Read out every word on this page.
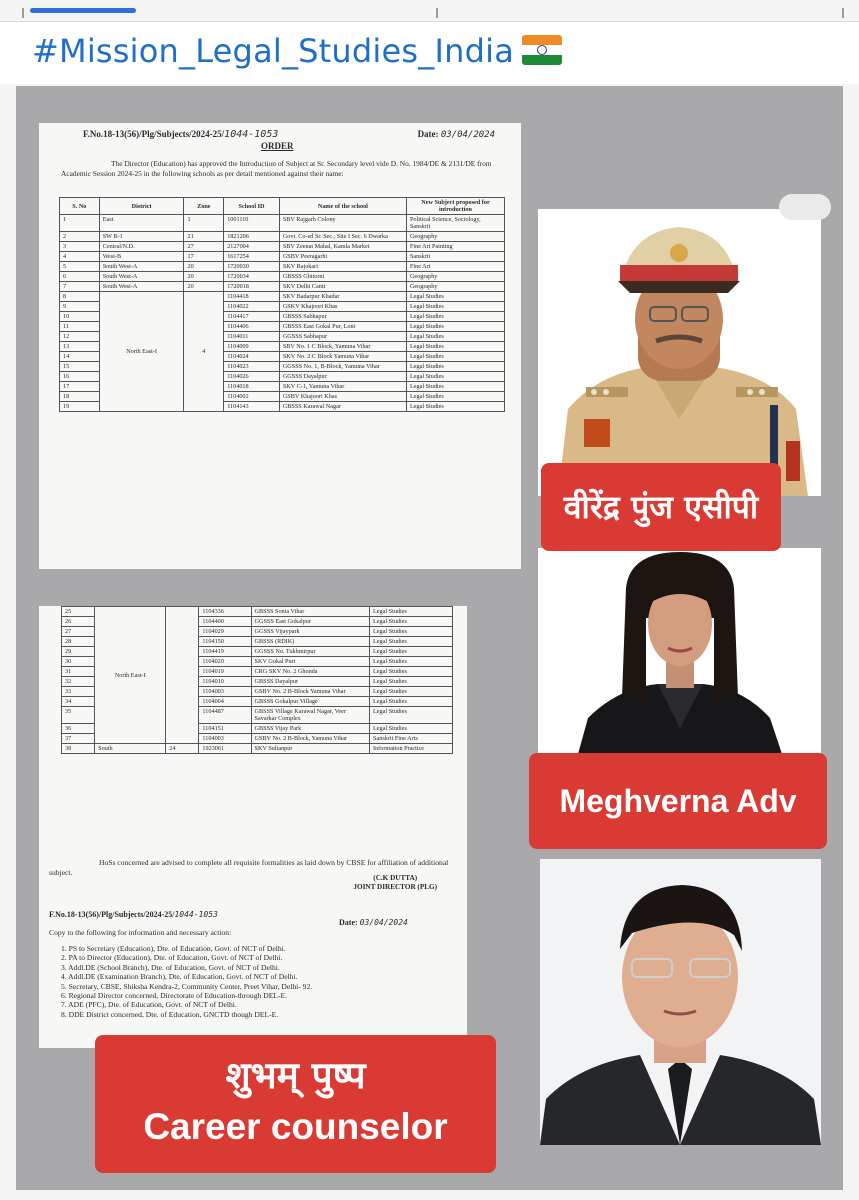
#Mission_Legal_Studies_India
F.No.18-13(56)/Plg/Subjects/2024-25/1044-1053	Date: 03/04/2024
ORDER
The Director (Education) has approved the Introduction of Subject at Sr. Secondary level vide D. No. 1984/DE & 2131/DE from Academic Session 2024-25 in the following schools as per detail mentioned against their name:
S. No	District	Zone	School ID	Name of the school	New Subject proposed for introduction
1	East	1	1001110	SBV Rajgarh Colony	Political Science, Sociology, Sanskrit
2	SW B-1	21	1821206	Govt. Co-ed Sr. Sec., Site I Sec. 6 Dwarka	Geography
3	Central/N.D.	27	2127004	SBV Zeenat Mahal, Kamla Market	Fine Art Painting
4	West-B	17	1617254	GSBV Peeragarhi	Sanskrit
5	South West-A	20	1720030	SKV Rajokari	Fine Art
6	South West-A	20	1720034	GBSSS Ghitorni	Geography
7	South West-A	20	1720018	SKV Delhi Cantt	Geography
8	North East-I	4	1104418	SKV Badarpur Khadar	Legal Studies
9			1104022	GSKV Khajoori Khas	Legal Studies
10			1104417	GBSSS Sabhapur	Legal Studies
11			1104406	GBSSS East Gokal Pur, Loni	Legal Studies
12			1104011	GGSSS Sabhapur	Legal Studies
13			1104009	SBV No. 1 C Block, Yamuna Vihar	Legal Studies
14			1104024	SKV No. 2 C Block Yamuna Vihar	Legal Studies
15			1104023	GGSSS No. 1, B-Block, Yamuna Vihar	Legal Studies
16			1104026	GGSSS Dayalpur	Legal Studies
17			1104018	SKV C-1, Yamuna Vihar	Legal Studies
18			1104002	GSBV Khajoori Khas	Legal Studies
19			1104143	GBSSS Karawal Nagar	Legal Studies
25	North East-I		1104336	GBSSS Sonia Vihar	Legal Studies
26			1104400	GGSSS East Gokalpur	Legal Studies
27			1104029	GGSSS Vijaypark	Legal Studies
28			1104150	GBSSS (RDIK)	Legal Studies
29			1104419	GGSSS No. Tukhmirpur	Legal Studies
30			1104020	SKV Gokal Puri	Legal Studies
31			1104019	CRG SKV No. 2 Ghonda	Legal Studies
32			1104010	GBSSS Dayalpur	Legal Studies
33			1104003	GSBV No. 2 B-Block Yamuna Vihar	Legal Studies
34			1104004	GBSSS Gokalpur Village	Legal Studies
35			1104487	GBSSS Village Karawal Nagar, Veer Savarkar Complex	Legal Studies
36			1104151	GBSSS Vijay Park	Legal Studies
37			1104003	GSBV No. 2 B-Block, Yamuna Vihar	Sanskrit Fine Arts
38	South	24	1923061	SKV Sultanpur	Information Practice
HoSs concerned are advised to complete all requisite formalities as laid down by CBSE for affiliation of additional subject.
(C.K DUTTA)
JOINT DIRECTOR (PLG)
F.No.18-13(56)/Plg/Subjects/2024-25/1044-1053
Date: 03/04/2024
Copy to the following for information and necessary action:
1. PS to Secretary (Education), Dte. of Education, Govt. of NCT of Delhi.
2. PA to Director (Education), Dte. of Education, Govt. of NCT of Delhi.
3. Addl.DE (School Branch), Dte. of Education, Govt. of NCT of Delhi.
4. Addl.DE (Examination Branch), Dte. of Education, Govt. of NCT of Delhi.
5. Secretary, CBSE, Shiksha Kendra-2, Community Center, Preet Vihar, Delhi- 92.
6. Regional Director concerned, Directorate of Education-through DEL-E.
7. ADE (PFC), Dte. of Education, Govt. of NCT of Delhi.
8. DDE District concerned, Dte. of Education, GNCTD though DEL-E.
वीरेंद्र पुंज एसीपी
Meghverna Adv
शुभम् पुष्प
Career counselor
